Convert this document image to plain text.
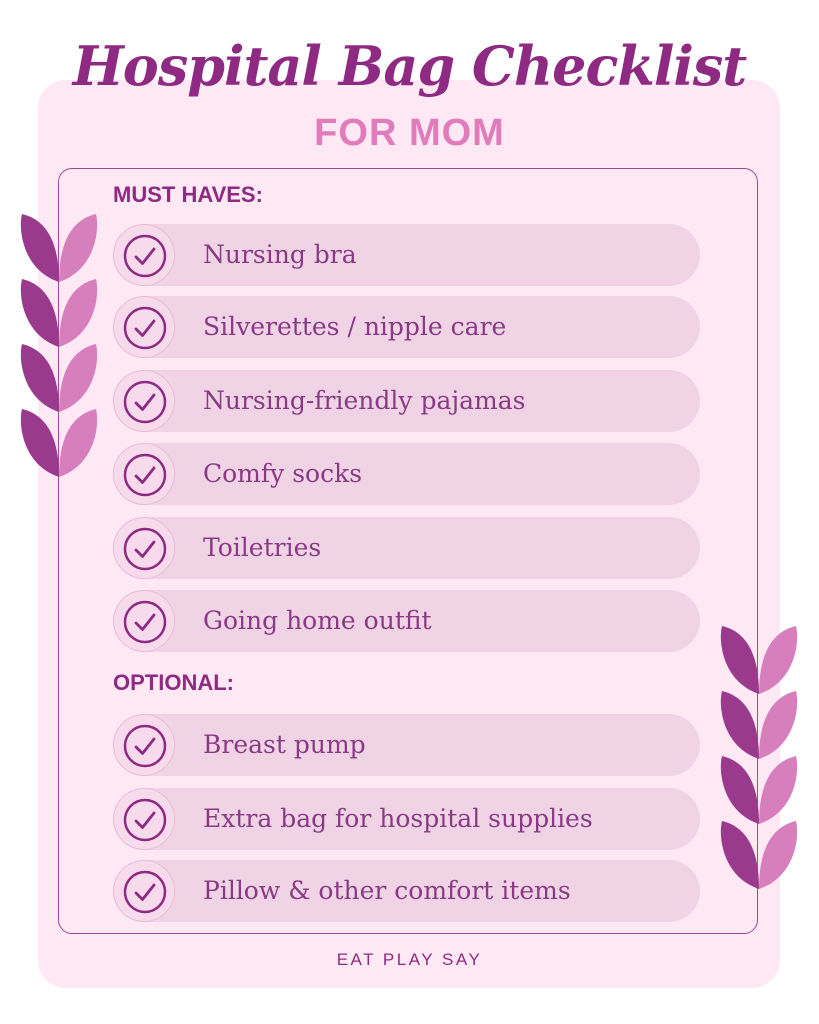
Hospital Bag Checklist
FOR MOM
MUST HAVES:
Nursing bra
Silverettes / nipple care
Nursing-friendly pajamas
Comfy socks
Toiletries
Going home outfit
OPTIONAL:
Breast pump
Extra bag for hospital supplies
Pillow & other comfort items
EAT PLAY SAY
